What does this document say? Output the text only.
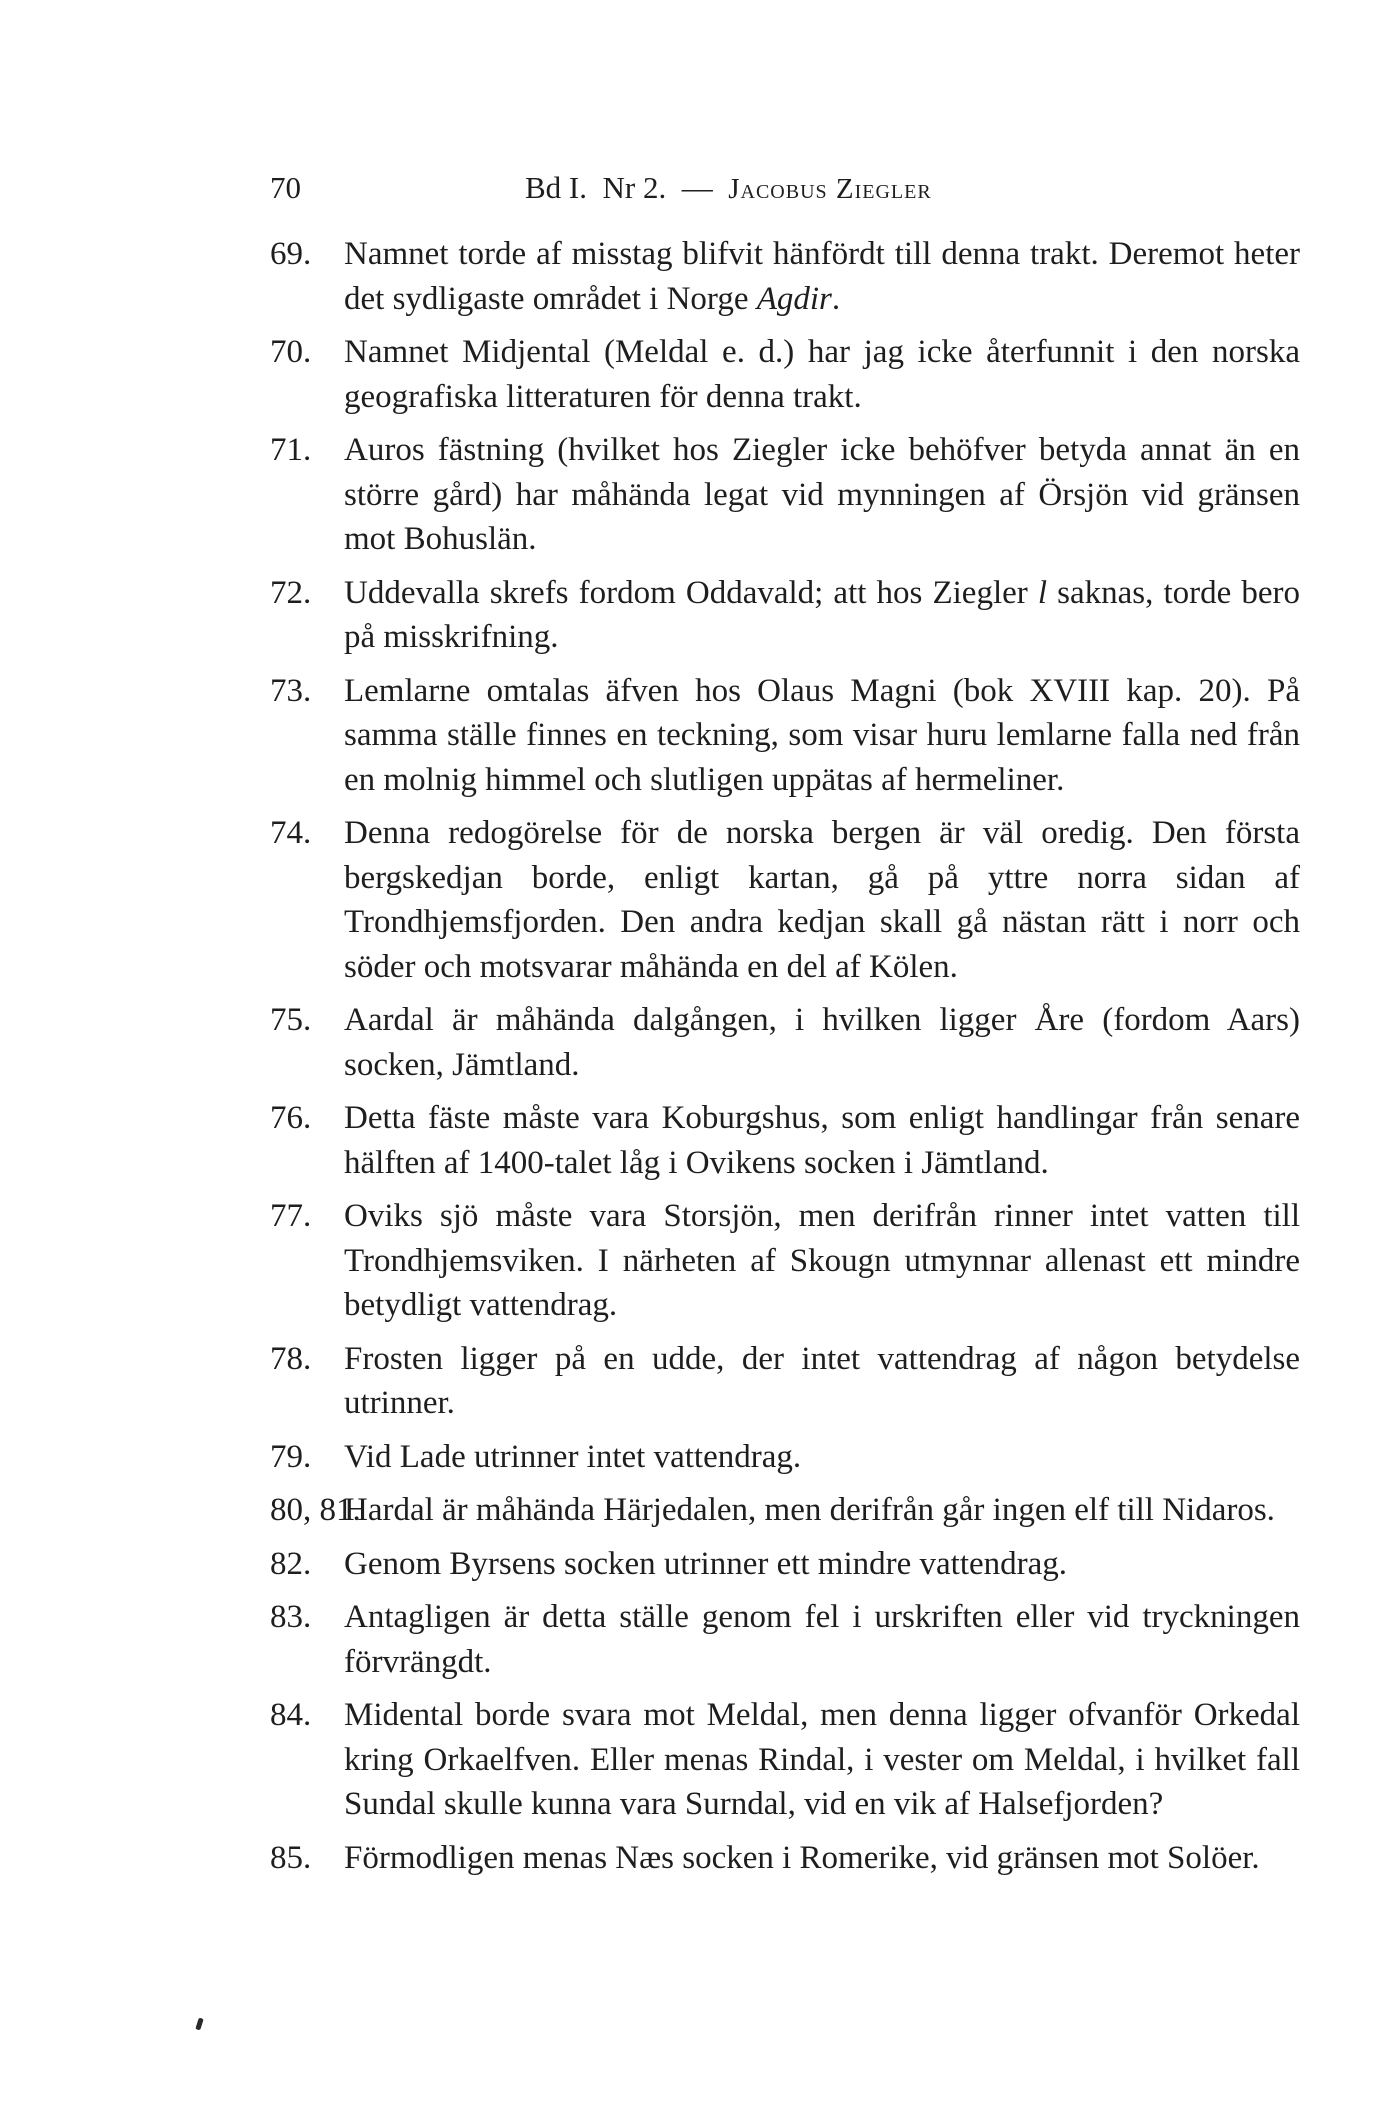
70	Bd I. Nr 2. — Jacobus Ziegler
69. Namnet torde af misstag blifvit hänfördt till denna trakt. Deremot heter det sydligaste området i Norge Agdir.
70. Namnet Midjental (Meldal e. d.) har jag icke återfunnit i den norska geografiska litteraturen för denna trakt.
71. Auros fästning (hvilket hos Ziegler icke behöfver betyda annat än en större gård) har måhända legat vid mynningen af Örsjön vid gränsen mot Bohuslän.
72. Uddevalla skrefs fordom Oddavald; att hos Ziegler l saknas, torde bero på misskrifning.
73. Lemlarne omtalas äfven hos Olaus Magni (bok XVIII kap. 20). På samma ställe finnes en teckning, som visar huru lemlarne falla ned från en molnig himmel och slutligen uppätas af hermeliner.
74. Denna redogörelse för de norska bergen är väl oredig. Den första bergskedjan borde, enligt kartan, gå på yttre norra sidan af Trondhjemsfjorden. Den andra kedjan skall gå nästan rätt i norr och söder och motsvarar måhända en del af Kölen.
75. Aardal är måhända dalgången, i hvilken ligger Åre (fordom Aars) socken, Jämtland.
76. Detta fäste måste vara Koburgshus, som enligt handlingar från senare hälften af 1400-talet låg i Ovikens socken i Jämtland.
77. Oviks sjö måste vara Storsjön, men derifrån rinner intet vatten till Trondhjemsviken. I närheten af Skougn utmynnar allenast ett mindre betydligt vattendrag.
78. Frosten ligger på en udde, der intet vattendrag af någon betydelse utrinner.
79. Vid Lade utrinner intet vattendrag.
80, 81.
Hardal är måhända Härjedalen, men derifrån går ingen elf till Nidaros.
82. Genom Byrsens socken utrinner ett mindre vattendrag.
83. Antagligen är detta ställe genom fel i urskriften eller vid tryckningen förvrängdt.
84. Midental borde svara mot Meldal, men denna ligger ofvanför Orkedal kring Orkaelfven. Eller menas Rindal, i vester om Meldal, i hvilket fall Sundal skulle kunna vara Surndal, vid en vik af Halsefjorden?
85. Förmodligen menas Næs socken i Romerike, vid gränsen mot Solöer.
